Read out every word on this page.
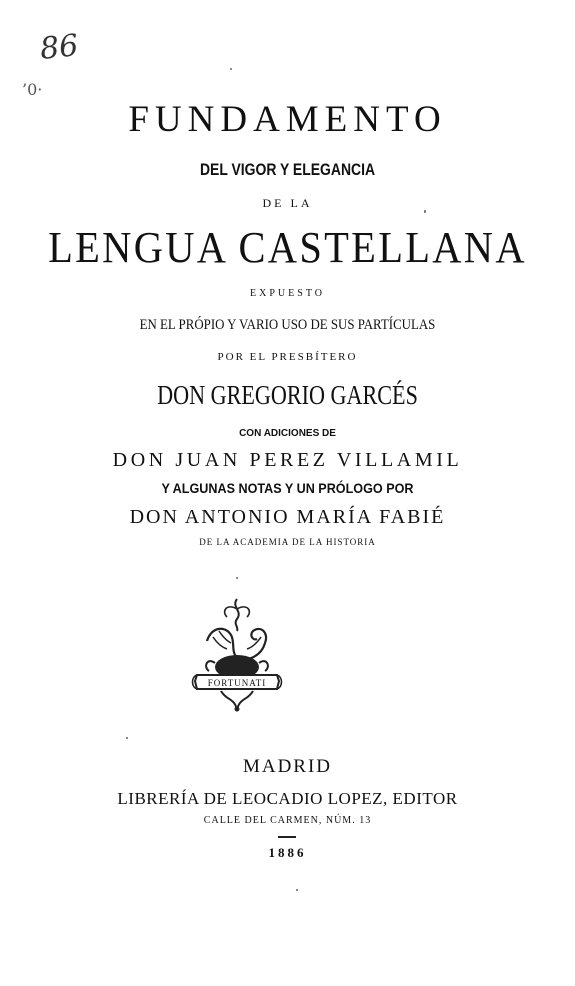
86
’0·
FUNDAMENTO
DEL VIGOR Y ELEGANCIA
DE LA
LENGUA CASTELLANA
EXPUESTO
EN EL PRÓPIO Y VARIO USO DE SUS PARTÍCULAS
POR EL PRESBÍTERO
DON GREGORIO GARCÉS
CON ADICIONES DE
DON JUAN PEREZ VILLAMIL
Y ALGUNAS NOTAS Y UN PRÓLOGO POR
DON ANTONIO MARÍA FABIÉ
DE LA ACADEMIA DE LA HISTORIA
FORTUNATI
MADRID
LIBRERÍA DE LEOCADIO LOPEZ, EDITOR
CALLE DEL CARMEN, NÚM. 13
1886
